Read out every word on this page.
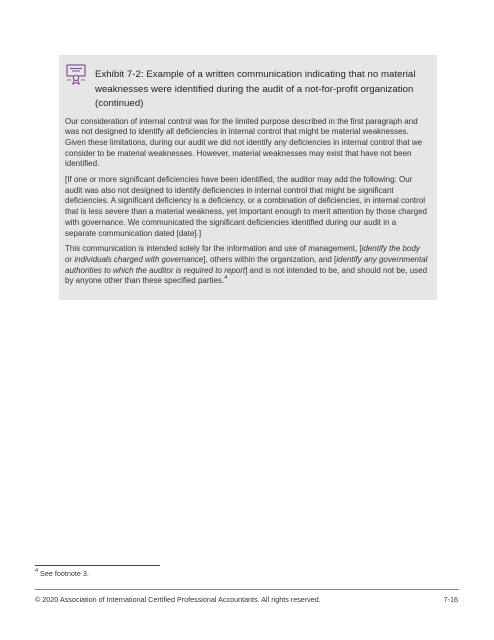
Exhibit 7-2: Example of a written communication indicating that no material weaknesses were identified during the audit of a not-for-profit organization (continued)

Our consideration of internal control was for the limited purpose described in the first paragraph and was not designed to identify all deficiencies in internal control that might be material weaknesses. Given these limitations, during our audit we did not identify any deficiencies in internal control that we consider to be material weaknesses. However, material weaknesses may exist that have not been identified.

[If one or more significant deficiencies have been identified, the auditor may add the following: Our audit was also not designed to identify deficiencies in internal control that might be significant deficiencies. A significant deficiency is a deficiency, or a combination of deficiencies, in internal control that is less severe than a material weakness, yet important enough to merit attention by those charged with governance. We communicated the significant deficiencies identified during our audit in a separate communication dated [date].]

This communication is intended solely for the information and use of management, [identify the body or individuals charged with governance], others within the organization, and [identify any governmental authorities to which the auditor is required to report] and is not intended to be, and should not be, used by anyone other than these specified parties.$^4$

$^4$ See footnote 3.
© 2020 Association of International Certified Professional Accountants. All rights reserved.	7-16
